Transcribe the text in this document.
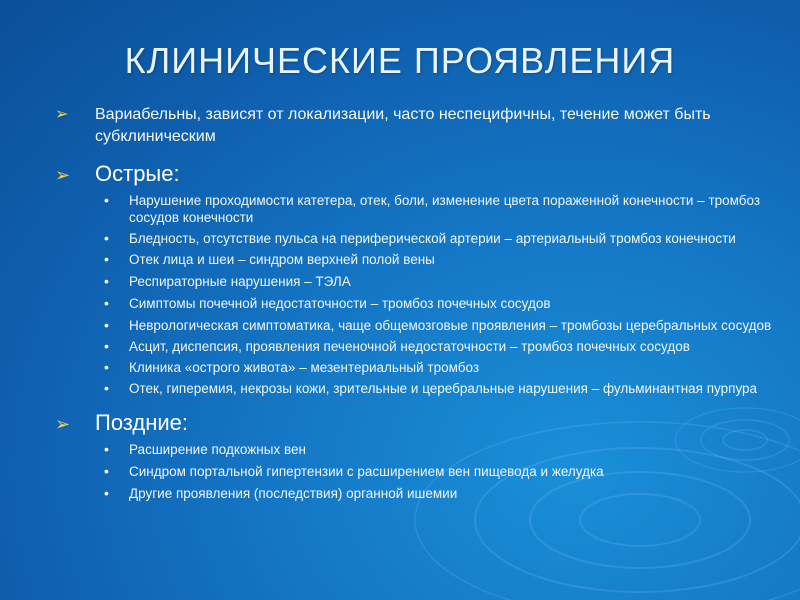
КЛИНИЧЕСКИЕ ПРОЯВЛЕНИЯ
➢ Вариабельны, зависят от локализации, часто неспецифичны, течение может быть субклиническим
➢ Острые:
• Нарушение проходимости катетера, отек, боли, изменение цвета пораженной конечности – тромбоз сосудов конечности
• Бледность, отсутствие пульса на периферической артерии – артериальный тромбоз конечности
• Отек лица и шеи – синдром верхней полой вены
• Респираторные нарушения – ТЭЛА
• Симптомы почечной недостаточности – тромбоз почечных сосудов
• Неврологическая симптоматика, чаще общемозговые проявления – тромбозы церебральных сосудов
• Асцит, диспепсия, проявления печеночной недостаточности – тромбоз почечных сосудов
• Клиника «острого живота» – мезентериальный тромбоз
• Отек, гиперемия, некрозы кожи, зрительные и церебральные нарушения – фульминантная пурпура
➢ Поздние:
• Расширение подкожных вен
• Синдром портальной гипертензии с расширением вен пищевода и желудка
• Другие проявления (последствия) органной ишемии
